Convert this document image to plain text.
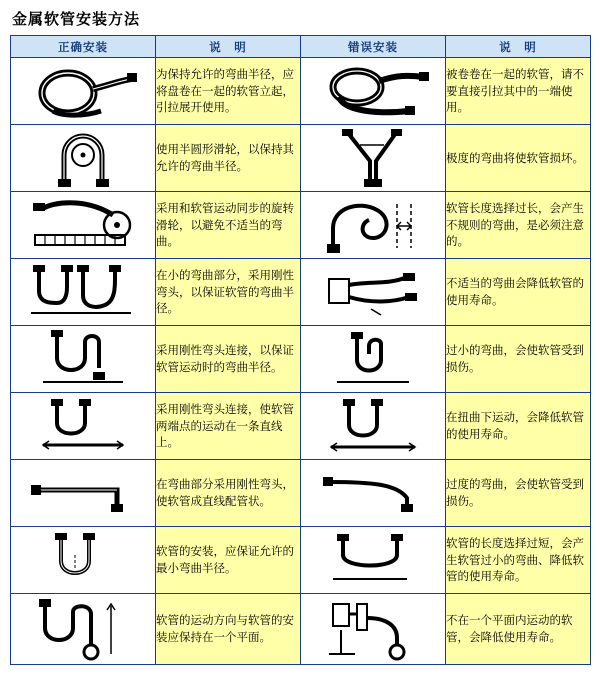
金属软管安装方法
正确安装	说　明	错误安装	说　明

	为保持允许的弯曲半径，应将盘卷在一起的软管立起，引拉展开使用。		被卷卷在一起的软管，请不要直接引拉其中的一端使用。

	使用半圆形滑轮，以保持其允许的弯曲半径。		极度的弯曲将使软管损坏。

	采用和软管运动同步的旋转滑轮，以避免不适当的弯曲。		软管长度选择过长，会产生不规则的弯曲，是必须注意的。

	在小的弯曲部分，采用刚性弯头，以保证软管的弯曲半径。		不适当的弯曲会降低软管的使用寿命。

	采用刚性弯头连接，以保证软管运动时的弯曲半径。		过小的弯曲，会使软管受到损伤。

	采用刚性弯头连接，使软管两端点的运动在一条直线上。		在扭曲下运动，会降低软管的使用寿命。

	在弯曲部分采用刚性弯头，使软管成直线配管状。		过度的弯曲，会使软管受到损伤。

	软管的安装，应保证允许的最小弯曲半径。		软管的长度选择过短，会产生软管过小的弯曲、降低软管的使用寿命。

	软管的运动方向与软管的安装应保持在一个平面。		不在一个平面内运动的软管，会降低使用寿命。
